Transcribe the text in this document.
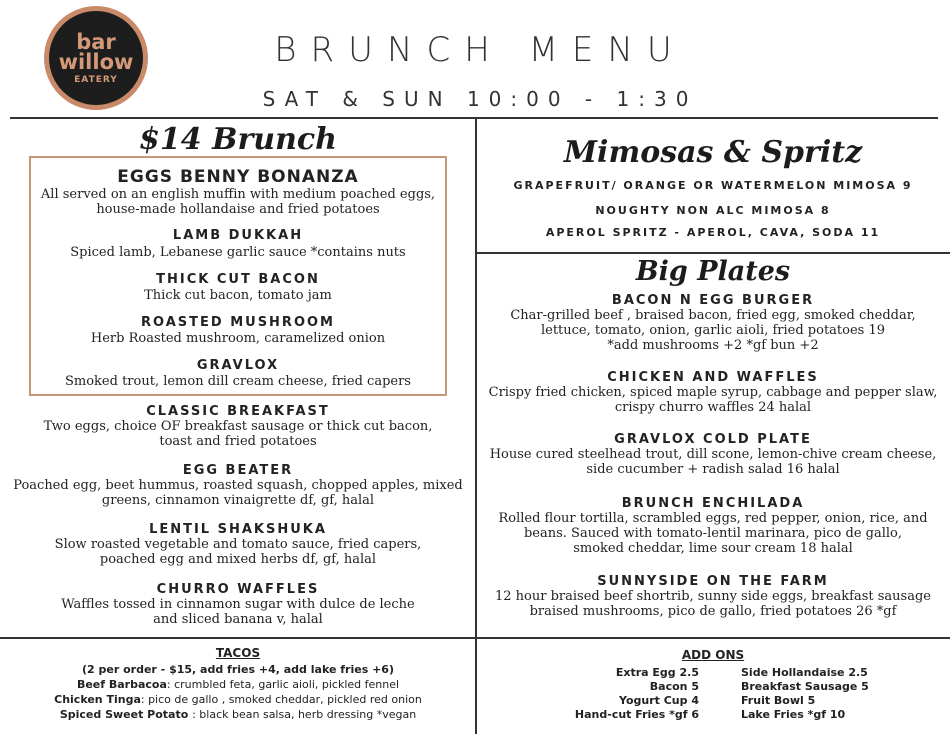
bar
willow
EATERY
BRUNCH MENU
SAT & SUN 10:00 - 1:30
$14 Brunch
EGGS BENNY BONANZA
All served on an english muffin with medium poached eggs,
house-made hollandaise and fried potatoes
LAMB DUKKAH
Spiced lamb, Lebanese garlic sauce *contains nuts
THICK CUT BACON
Thick cut bacon, tomato jam
ROASTED MUSHROOM
Herb Roasted mushroom, caramelized onion
GRAVLOX
Smoked trout, lemon dill cream cheese, fried capers
CLASSIC BREAKFAST
Two eggs, choice OF breakfast sausage or thick cut bacon,
toast and fried potatoes
EGG BEATER
Poached egg, beet hummus, roasted squash, chopped apples, mixed
greens, cinnamon vinaigrette df, gf, halal
LENTIL SHAKSHUKA
Slow roasted vegetable and tomato sauce, fried capers,
poached egg and mixed herbs df, gf, halal
CHURRO WAFFLES
Waffles tossed in cinnamon sugar with dulce de leche
and sliced banana v, halal
Mimosas & Spritz
GRAPEFRUIT/ ORANGE OR WATERMELON MIMOSA 9
NOUGHTY NON ALC MIMOSA 8
APEROL SPRITZ - APEROL, CAVA, SODA 11
Big Plates
BACON N EGG BURGER
Char-grilled beef , braised bacon, fried egg, smoked cheddar,
lettuce, tomato, onion, garlic aioli, fried potatoes 19
*add mushrooms +2 *gf bun +2
CHICKEN AND WAFFLES
Crispy fried chicken, spiced maple syrup, cabbage and pepper slaw,
crispy churro waffles 24 halal
GRAVLOX COLD PLATE
House cured steelhead trout, dill scone, lemon-chive cream cheese,
side cucumber + radish salad 16 halal
BRUNCH ENCHILADA
Rolled flour tortilla, scrambled eggs, red pepper, onion, rice, and
beans. Sauced with tomato-lentil marinara, pico de gallo,
smoked cheddar, lime sour cream 18 halal
SUNNYSIDE ON THE FARM
12 hour braised beef shortrib, sunny side eggs, breakfast sausage
braised mushrooms, pico de gallo, fried potatoes 26 *gf
TACOS
(2 per order - $15, add fries +4, add lake fries +6)
Beef Barbacoa: crumbled feta, garlic aioli, pickled fennel
Chicken Tinga: pico de gallo , smoked cheddar, pickled red onion
Spiced Sweet Potato : black bean salsa, herb dressing *vegan
ADD ONS
Extra Egg 2.5
Bacon 5
Yogurt Cup 4
Hand-cut Fries *gf 6
Side Hollandaise 2.5
Breakfast Sausage 5
Fruit Bowl 5
Lake Fries *gf 10
